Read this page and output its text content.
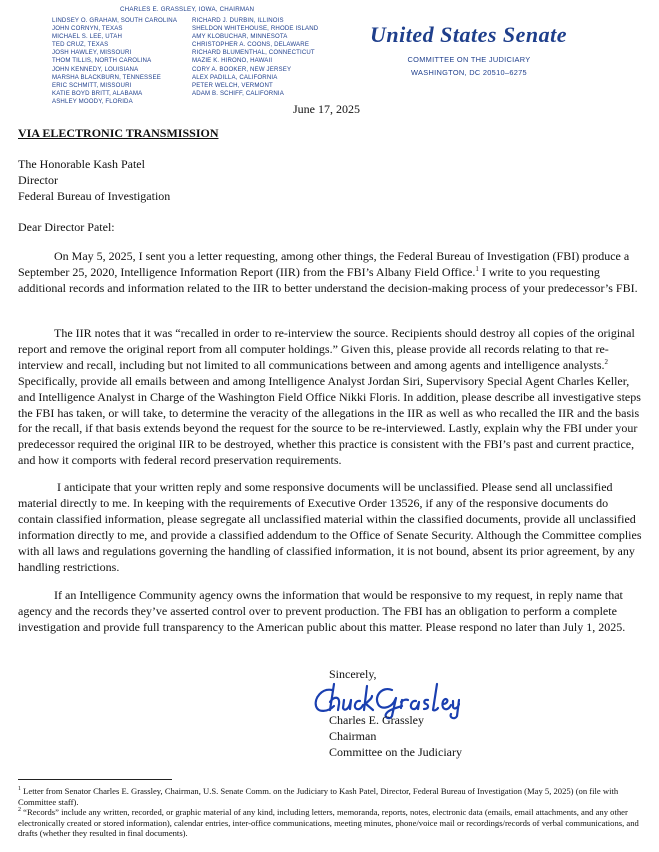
CHARLES E. GRASSLEY, IOWA, CHAIRMAN
LINDSEY O. GRAHAM, SOUTH CAROLINA
JOHN CORNYN, TEXAS
MICHAEL S. LEE, UTAH
TED CRUZ, TEXAS
JOSH HAWLEY, MISSOURI
THOM TILLIS, NORTH CAROLINA
JOHN KENNEDY, LOUISIANA
MARSHA BLACKBURN, TENNESSEE
ERIC SCHMITT, MISSOURI
KATIE BOYD BRITT, ALABAMA
ASHLEY MOODY, FLORIDA
RICHARD J. DURBIN, ILLINOIS
SHELDON WHITEHOUSE, RHODE ISLAND
AMY KLOBUCHAR, MINNESOTA
CHRISTOPHER A. COONS, DELAWARE
RICHARD BLUMENTHAL, CONNECTICUT
MAZIE K. HIRONO, HAWAII
CORY A. BOOKER, NEW JERSEY
ALEX PADILLA, CALIFORNIA
PETER WELCH, VERMONT
ADAM B. SCHIFF, CALIFORNIA
United States Senate
COMMITTEE ON THE JUDICIARY
WASHINGTON, DC 20510–6275
June 17, 2025
VIA ELECTRONIC TRANSMISSION
The Honorable Kash Patel
Director
Federal Bureau of Investigation
Dear Director Patel:
On May 5, 2025, I sent you a letter requesting, among other things, the Federal Bureau of Investigation (FBI) produce a September 25, 2020, Intelligence Information Report (IIR) from the FBI’s Albany Field Office.$^1$ I write to you requesting additional records and information related to the IIR to better understand the decision-making process of your predecessor’s FBI.
The IIR notes that it was “recalled in order to re-interview the source. Recipients should destroy all copies of the original report and remove the original report from all computer holdings.” Given this, please provide all records relating to that re-interview and recall, including but not limited to all communications between and among agents and intelligence analysts.$^2$ Specifically, provide all emails between and among Intelligence Analyst Jordan Siri, Supervisory Special Agent Charles Keller, and Intelligence Analyst in Charge of the Washington Field Office Nikki Floris. In addition, please describe all investigative steps the FBI has taken, or will take, to determine the veracity of the allegations in the IIR as well as who recalled the IIR and the basis for the recall, if that basis extends beyond the request for the source to be re-interviewed. Lastly, explain why the FBI under your predecessor required the original IIR to be destroyed, whether this practice is consistent with the FBI’s past and current practice, and how it comports with federal record preservation requirements.
I anticipate that your written reply and some responsive documents will be unclassified. Please send all unclassified material directly to me. In keeping with the requirements of Executive Order 13526, if any of the responsive documents do contain classified information, please segregate all unclassified material within the classified documents, provide all unclassified information directly to me, and provide a classified addendum to the Office of Senate Security. Although the Committee complies with all laws and regulations governing the handling of classified information, it is not bound, absent its prior agreement, by any handling restrictions.
If an Intelligence Community agency owns the information that would be responsive to my request, in reply name that agency and the records they’ve asserted control over to prevent production. The FBI has an obligation to perform a complete investigation and provide full transparency to the American public about this matter. Please respond no later than July 1, 2025.
Sincerely,
Charles E. Grassley
Chairman
Committee on the Judiciary
$^1$ Letter from Senator Charles E. Grassley, Chairman, U.S. Senate Comm. on the Judiciary to Kash Patel, Director, Federal Bureau of Investigation (May 5, 2025) (on file with Committee staff).
$^2$ “Records” include any written, recorded, or graphic material of any kind, including letters, memoranda, reports, notes, electronic data (emails, email attachments, and any other electronically created or stored information), calendar entries, inter-office communications, meeting minutes, phone/voice mail or recordings/records of verbal communications, and drafts (whether they resulted in final documents).
